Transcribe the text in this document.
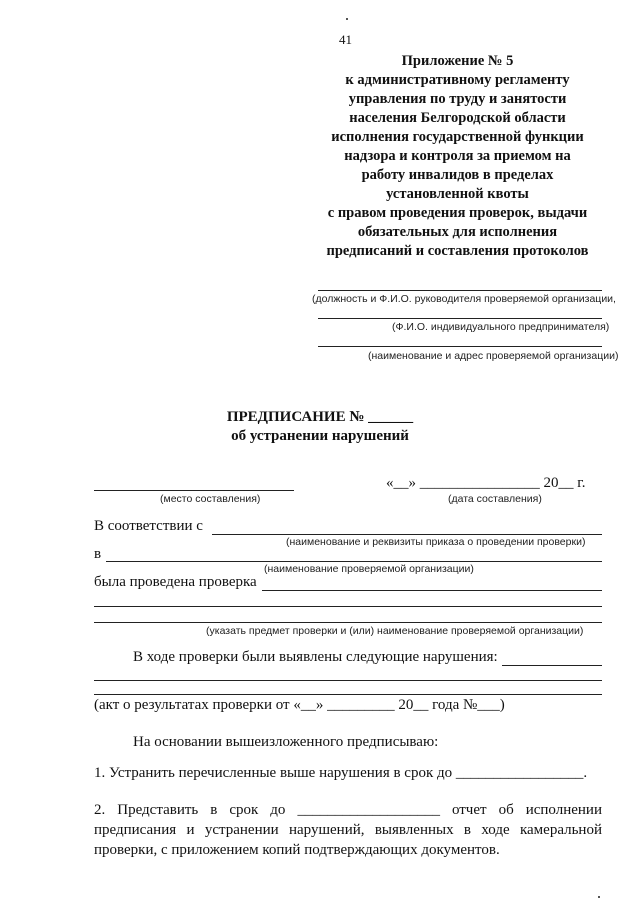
41
Приложение № 5
к административному регламенту
управления по труду и занятости
населения Белгородской области
исполнения государственной функции
надзора и контроля за приемом на
работу инвалидов в пределах
установленной квоты
с правом проведения проверок, выдачи
обязательных для исполнения
предписаний и составления протоколов
(должность и Ф.И.О. руководителя проверяемой организации,
(Ф.И.О. индивидуального предпринимателя)
(наименование и адрес проверяемой организации)
ПРЕДПИСАНИЕ № ______
об устранении нарушений
(место составления)
«__» ________________ 20__ г.
(дата составления)
В соответствии с
(наименование и реквизиты приказа о проведении проверки)
в
(наименование проверяемой организации)
была проведена проверка
(указать предмет проверки и (или) наименование проверяемой организации)
В ходе проверки были выявлены следующие нарушения:
(акт о результатах проверки от «__» _________ 20__ года №___)
На основании вышеизложенного предписываю:
1. Устранить перечисленные выше нарушения в срок до _________________.
2. Представить в срок до ___________________ отчет об исполнении предписания и устранении нарушений, выявленных в ходе камеральной проверки, с приложением копий подтверждающих документов.
